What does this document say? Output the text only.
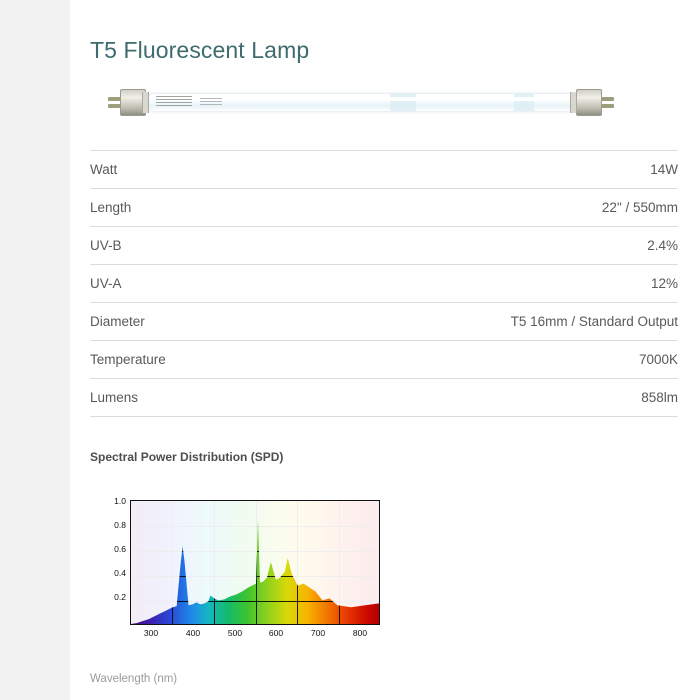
T5 Fluorescent Lamp
Watt	14W
Length	22" / 550mm
UV-B	2.4%
UV-A	12%
Diameter	T5 16mm / Standard Output
Temperature	7000K
Lumens	858lm
Spectral Power Distribution (SPD)
1.0
0.8
0.6
0.4
0.2
300	400	500	600	700	800
Wavelength (nm)
